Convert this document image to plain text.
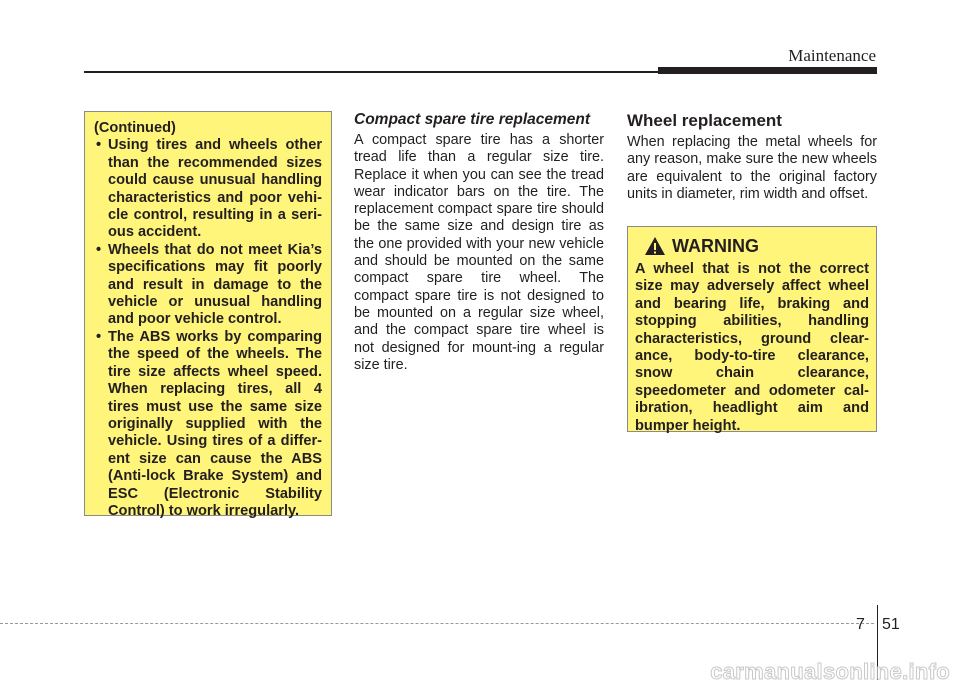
Maintenance
(Continued)
• Using tires and wheels other than the recommended sizes could cause unusual handling characteristics and poor vehi-cle control, resulting in a seri-ous accident.
• Wheels that do not meet Kia’s specifications may fit poorly and result in damage to the vehicle or unusual handling and poor vehicle control.
• The ABS works by comparing the speed of the wheels. The tire size affects wheel speed. When replacing tires, all 4 tires must use the same size originally supplied with the vehicle. Using tires of a differ-ent size can cause the ABS (Anti-lock Brake System) and ESC (Electronic Stability Control) to work irregularly.
Compact spare tire replacement

A compact spare tire has a shorter tread life than a regular size tire. Replace it when you can see the tread wear indicator bars on the tire. The replacement compact spare tire should be the same size and design tire as the one provided with your new vehicle and should be mounted on the same compact spare tire wheel. The compact spare tire is not designed to be mounted on a regular size wheel, and the compact spare tire wheel is not designed for mount-ing a regular size tire.

Wheel replacement

When replacing the metal wheels for any reason, make sure the new wheels are equivalent to the original factory units in diameter, rim width and offset.

WARNING
A wheel that is not the correct size may adversely affect wheel and bearing life, braking and stopping abilities, handling characteristics, ground clear-ance, body-to-tire clearance, snow chain clearance, speedometer and odometer cal-ibration, headlight aim and bumper height.
7 51
carmanualsonline.info
